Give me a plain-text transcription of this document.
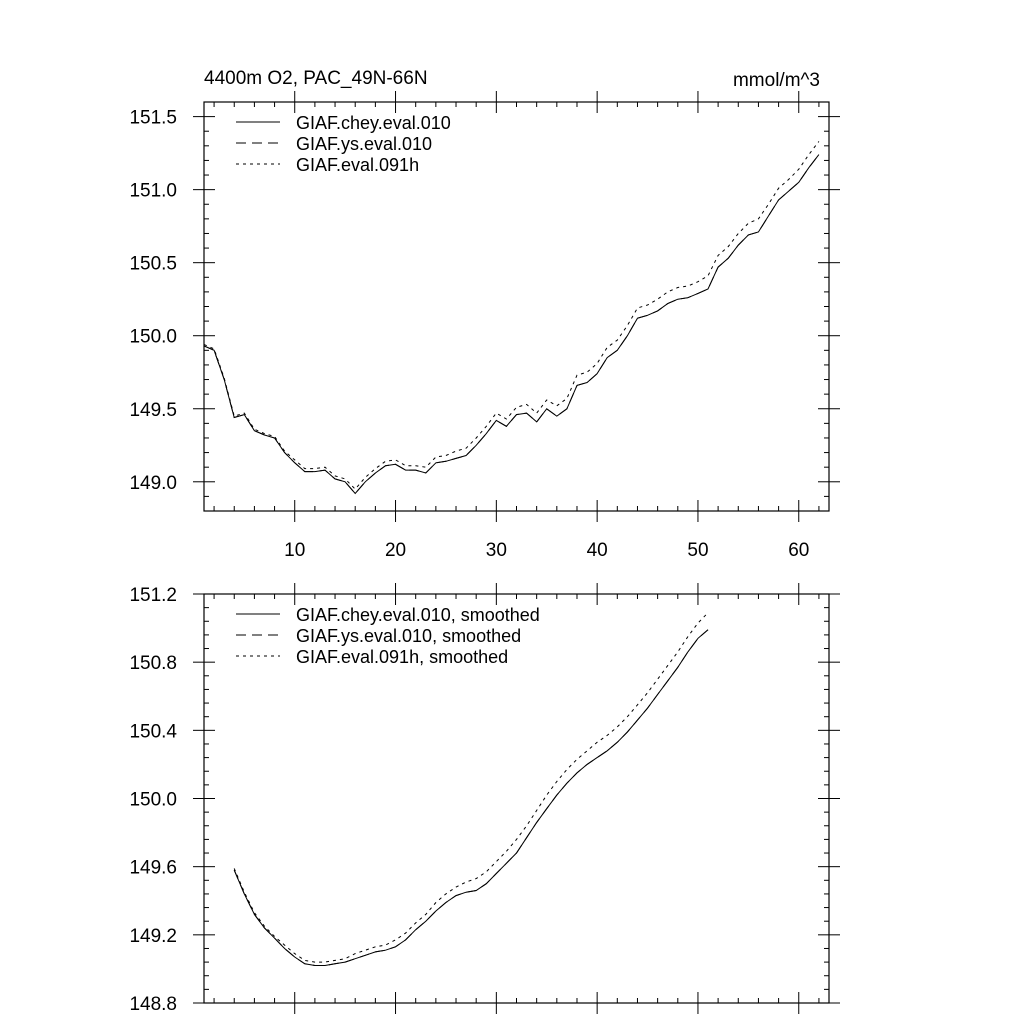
4400m O2, PAC_49N-66N	mmol/m^3
10	20	30	40	50	60
149.0
149.5
150.0
150.5
151.0
151.5	GIAF.chey.eval.010
GIAF.ys.eval.010
GIAF.eval.091h
148.8
149.2
149.6
150.0
150.4
150.8
151.2
GIAF.chey.eval.010, smoothed
GIAF.ys.eval.010, smoothed
GIAF.eval.091h, smoothed
